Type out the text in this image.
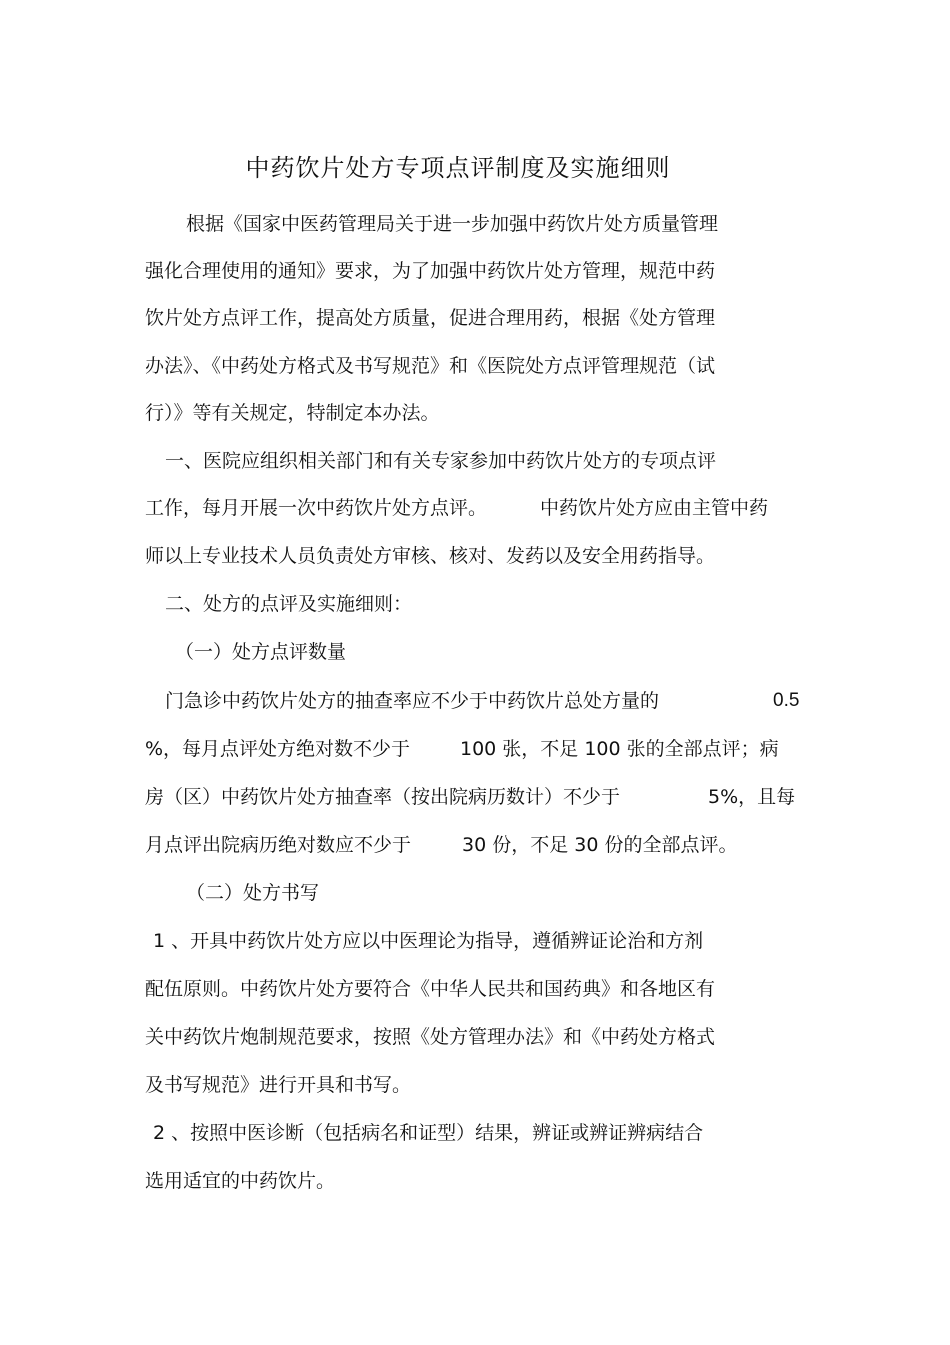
中药饮片处方专项点评制度及实施细则
根据《国家中医药管理局关于进一步加强中药饮片处方质量管理
强化合理使用的通知》要求，为了加强中药饮片处方管理，规范中药
饮片处方点评工作，提高处方质量，促进合理用药，根据《处方管理
办法》、《中药处方格式及书写规范》和《医院处方点评管理规范（试
行）》等有关规定，特制定本办法。
一、医院应组织相关部门和有关专家参加中药饮片处方的专项点评
工作，每月开展一次中药饮片处方点评。	中药饮片处方应由主管中药
师以上专业技术人员负责处方审核、核对、发药以及安全用药指导。
二、处方的点评及实施细则：
（一）处方点评数量
门急诊中药饮片处方的抽查率应不少于中药饮片总处方量的	0.5
%，每月点评处方绝对数不少于	100 张，不足 100 张的全部点评；病
房（区）中药饮片处方抽查率（按出院病历数计）不少于	5%，且每
月点评出院病历绝对数应不少于	30 份，不足 30 份的全部点评。
（二）处方书写
1 、开具中药饮片处方应以中医理论为指导，遵循辨证论治和方剂
配伍原则。中药饮片处方要符合《中华人民共和国药典》和各地区有
关中药饮片炮制规范要求，按照《处方管理办法》和《中药处方格式
及书写规范》进行开具和书写。
2 、按照中医诊断（包括病名和证型）结果，辨证或辨证辨病结合
选用适宜的中药饮片。
